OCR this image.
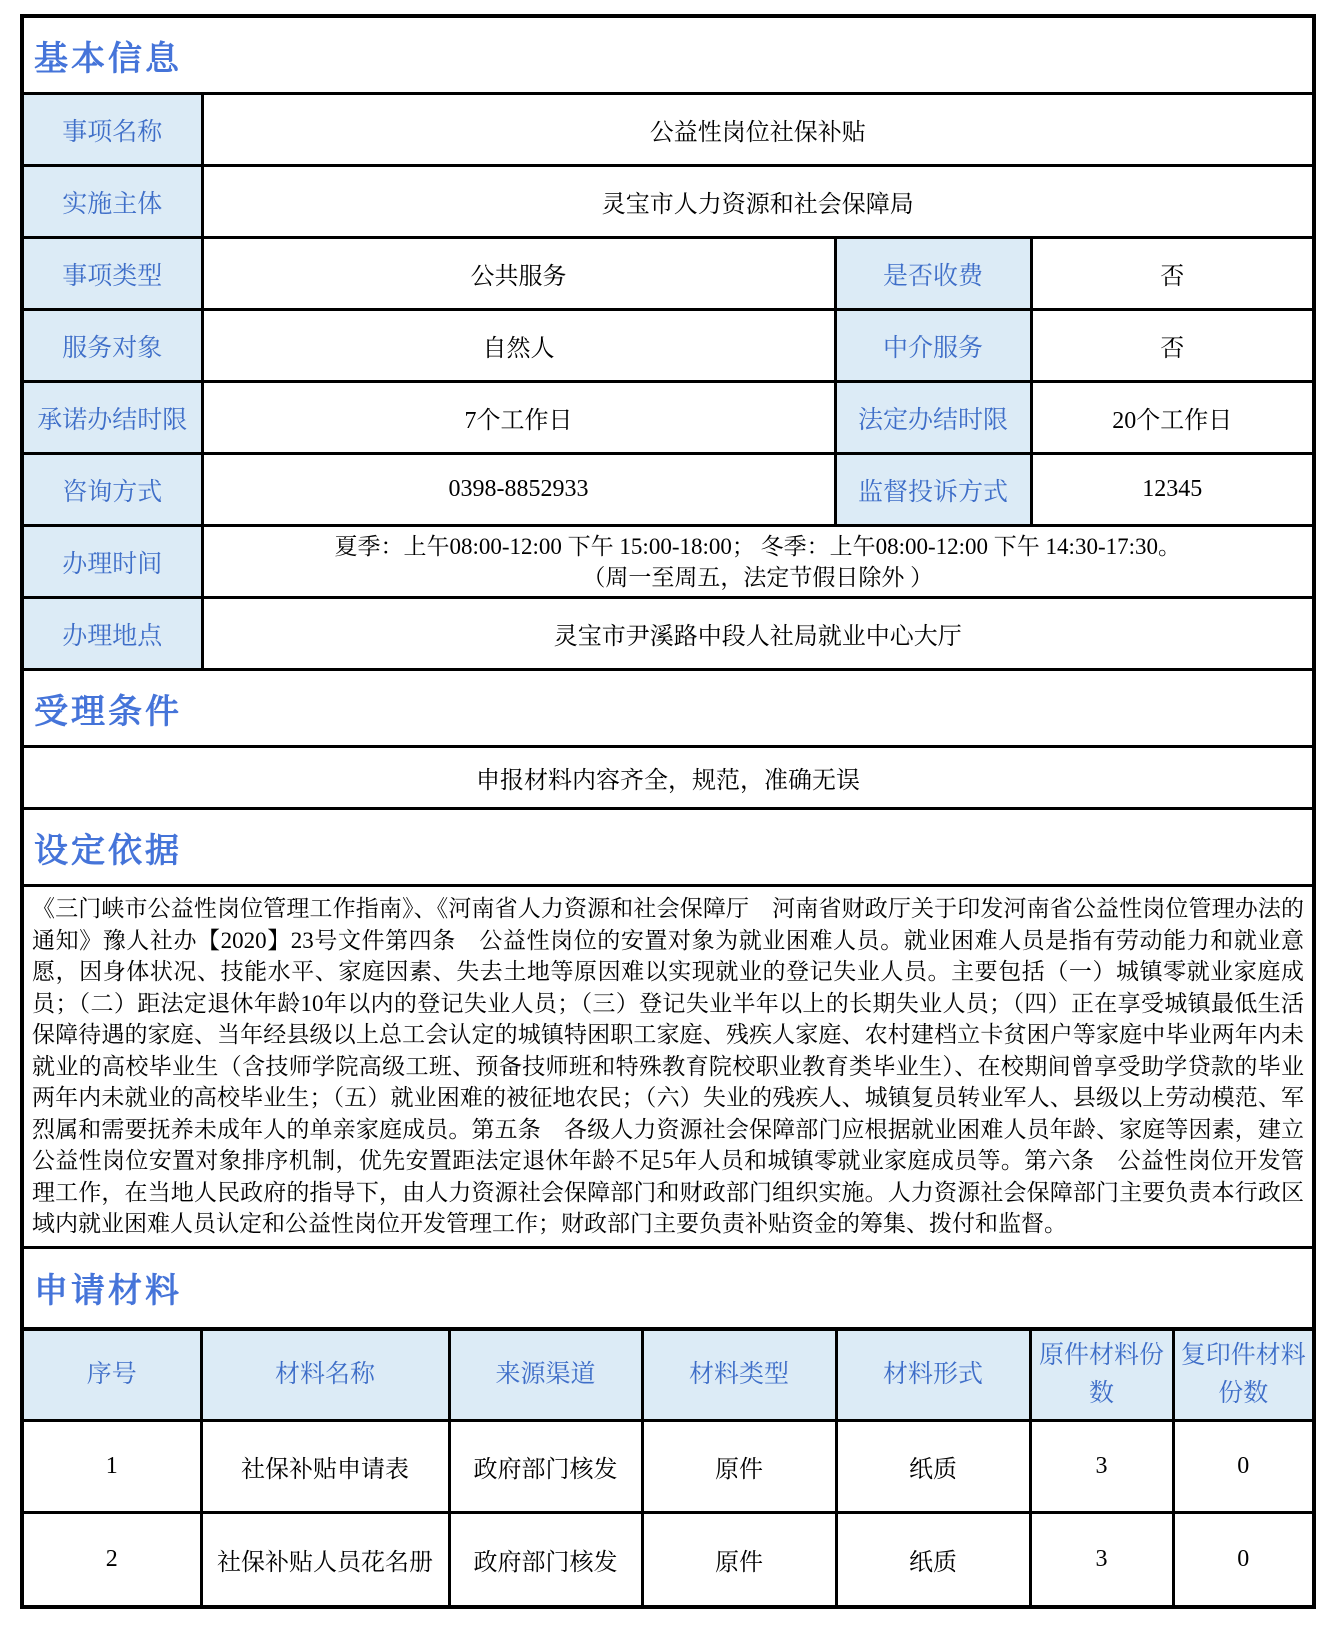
基本信息			
事项名称	公益性岗位社保补贴		
实施主体	灵宝市人力资源和社会保障局		
事项类型	公共服务	是否收费	否
服务对象	自然人	中介服务	否
承诺办结时限	7个工作日	法定办结时限	20个工作日
咨询方式	0398-8852933	监督投诉方式	12345
办理时间	夏季：上午08:00-12:00 下午 15:00-18:00； 冬季：上午08:00-12:00 下午 14:30-17:30。
（周一至周五，法定节假日除外 ）		

办理地点	灵宝市尹溪路中段人社局就业中心大厅		
受理条件			
申报材料内容齐全，规范，准确无误			
设定依据			
《三门峡市公益性岗位管理工作指南》、《河南省人力资源和社会保障厅　河南省财政厅关于印发河南省公益性岗位管理办法的通知》豫人社办【2020】23号文件第四条　公益性岗位的安置对象为就业困难人员。就业困难人员是指有劳动能力和就业意愿，因身体状况、技能水平、家庭因素、失去土地等原因难以实现就业的登记失业人员。主要包括（一）城镇零就业家庭成员；（二）距法定退休年龄10年以内的登记失业人员；（三）登记失业半年以上的长期失业人员；（四）正在享受城镇最低生活保障待遇的家庭、当年经县级以上总工会认定的城镇特困职工家庭、残疾人家庭、农村建档立卡贫困户等家庭中毕业两年内未就业的高校毕业生（含技师学院高级工班、预备技师班和特殊教育院校职业教育类毕业生）、在校期间曾享受助学贷款的毕业两年内未就业的高校毕业生；（五）就业困难的被征地农民；（六）失业的残疾人、城镇复员转业军人、县级以上劳动模范、军烈属和需要抚养未成年人的单亲家庭成员。第五条　各级人力资源社会保障部门应根据就业困难人员年龄、家庭等因素，建立公益性岗位安置对象排序机制，优先安置距法定退休年龄不足5年人员和城镇零就业家庭成员等。第六条　公益性岗位开发管理工作，在当地人民政府的指导下，由人力资源社会保障部门和财政部门组织实施。人力资源社会保障部门主要负责本行政区域内就业困难人员认定和公益性岗位开发管理工作；财政部门主要负责补贴资金的筹集、拨付和监督。			
申请材料			
序号	材料名称	来源渠道	材料类型	材料形式	原件材料份数	复印件材料份数
1	社保补贴申请表	政府部门核发	原件	纸质	3	0
2	社保补贴人员花名册	政府部门核发	原件	纸质	3	0
